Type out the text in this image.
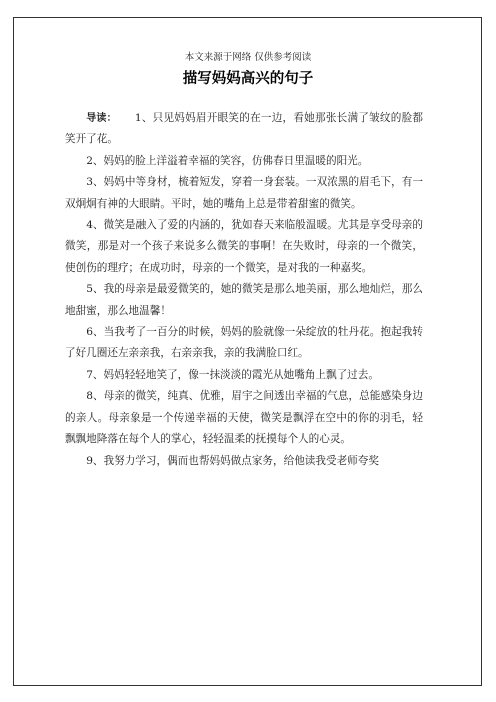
本文来源于网络 仅供参考阅读
描写妈妈高兴的句子

导读： 1、只见妈妈眉开眼笑的在一边，看她那张长满了皱纹的脸都笑开了花。

2、妈妈的脸上洋溢着幸福的笑容，仿佛春日里温暖的阳光。

3、妈妈中等身材，梳着短发，穿着一身套装。一双浓黑的眉毛下，有一双炯炯有神的大眼睛。平时，她的嘴角上总是带着甜蜜的微笑。

4、微笑是融入了爱的内涵的，犹如春天来临般温暖。尤其是享受母亲的微笑，那是对一个孩子来说多么微笑的事啊！在失败时，母亲的一个微笑，使创伤的理疗；在成功时，母亲的一个微笑，是对我的一种嘉奖。

5、我的母亲是最爱微笑的，她的微笑是那么地美丽，那么地灿烂，那么地甜蜜，那么地温馨！

6、当我考了一百分的时候，妈妈的脸就像一朵绽放的牡丹花。抱起我转了好几圈还左亲亲我，右亲亲我，亲的我满脸口红。

7、妈妈轻轻地笑了，像一抹淡淡的霞光从她嘴角上飘了过去。

8、母亲的微笑，纯真、优雅，眉宇之间透出幸福的气息，总能感染身边的亲人。母亲象是一个传递幸福的天使，微笑是飘浮在空中的你的羽毛，轻飘飘地降落在每个人的掌心，轻轻温柔的抚摸每个人的心灵。

9、我努力学习，偶而也帮妈妈做点家务，给他读我受老师夸奖
